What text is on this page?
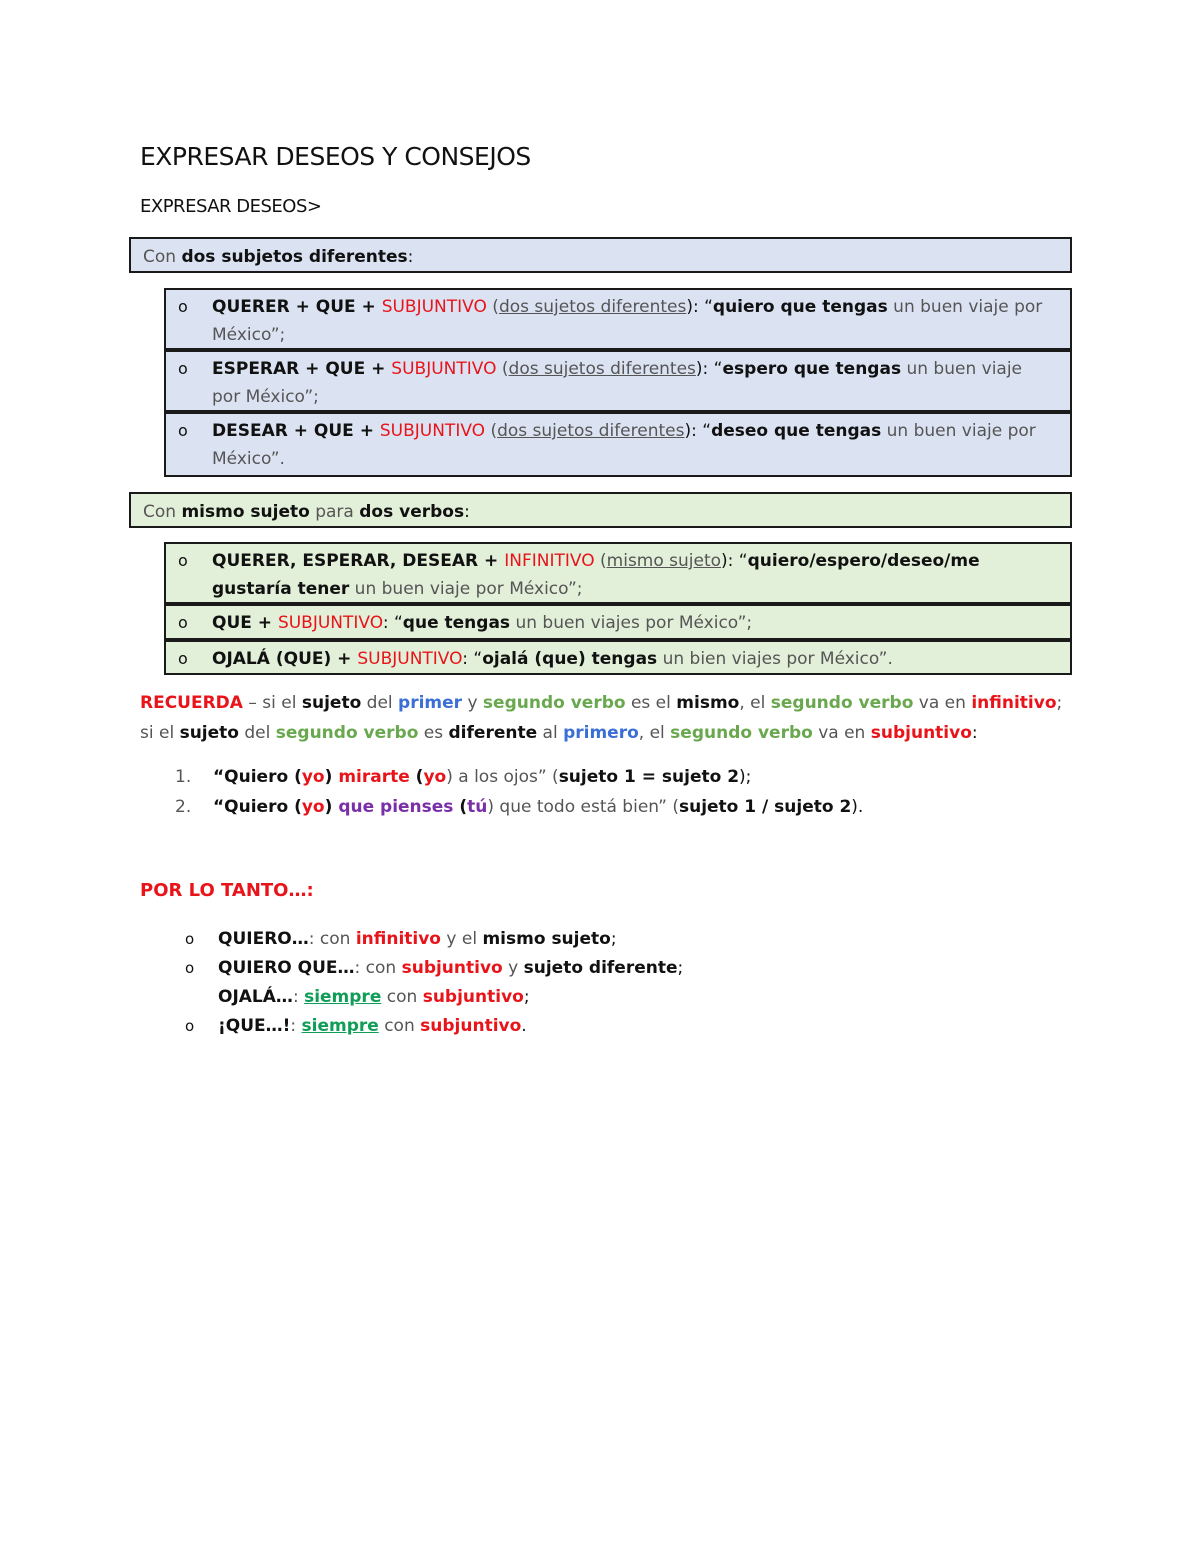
EXPRESAR DESEOS Y CONSEJOS
EXPRESAR DESEOS>
Con dos subjetos diferentes:
o QUERER + QUE + SUBJUNTIVO (dos sujetos diferentes): “quiero que tengas un buen viaje por México”;
o ESPERAR + QUE + SUBJUNTIVO (dos sujetos diferentes): “espero que tengas un buen viaje por México”;
o DESEAR + QUE + SUBJUNTIVO (dos sujetos diferentes): “deseo que tengas un buen viaje por México”.
Con mismo sujeto para dos verbos:
o QUERER, ESPERAR, DESEAR + INFINITIVO (mismo sujeto): “quiero/espero/deseo/me gustaría tener un buen viaje por México”;
o QUE + SUBJUNTIVO: “que tengas un buen viajes por México”;
o OJALÁ (QUE) + SUBJUNTIVO: “ojalá (que) tengas un bien viajes por México”.
RECUERDA – si el sujeto del primer y segundo verbo es el mismo, el segundo verbo va en infinitivo; si el sujeto del segundo verbo es diferente al primero, el segundo verbo va en subjuntivo:
1. “Quiero (yo) mirarte (yo) a los ojos” (sujeto 1 = sujeto 2);
2. “Quiero (yo) que pienses (tú) que todo está bien” (sujeto 1 / sujeto 2).
POR LO TANTO…:
o QUIERO…: con infinitivo y el mismo sujeto;
o QUIERO QUE…: con subjuntivo y sujeto diferente;
OJALÁ…: siempre con subjuntivo;
o ¡QUE…!: siempre con subjuntivo.
